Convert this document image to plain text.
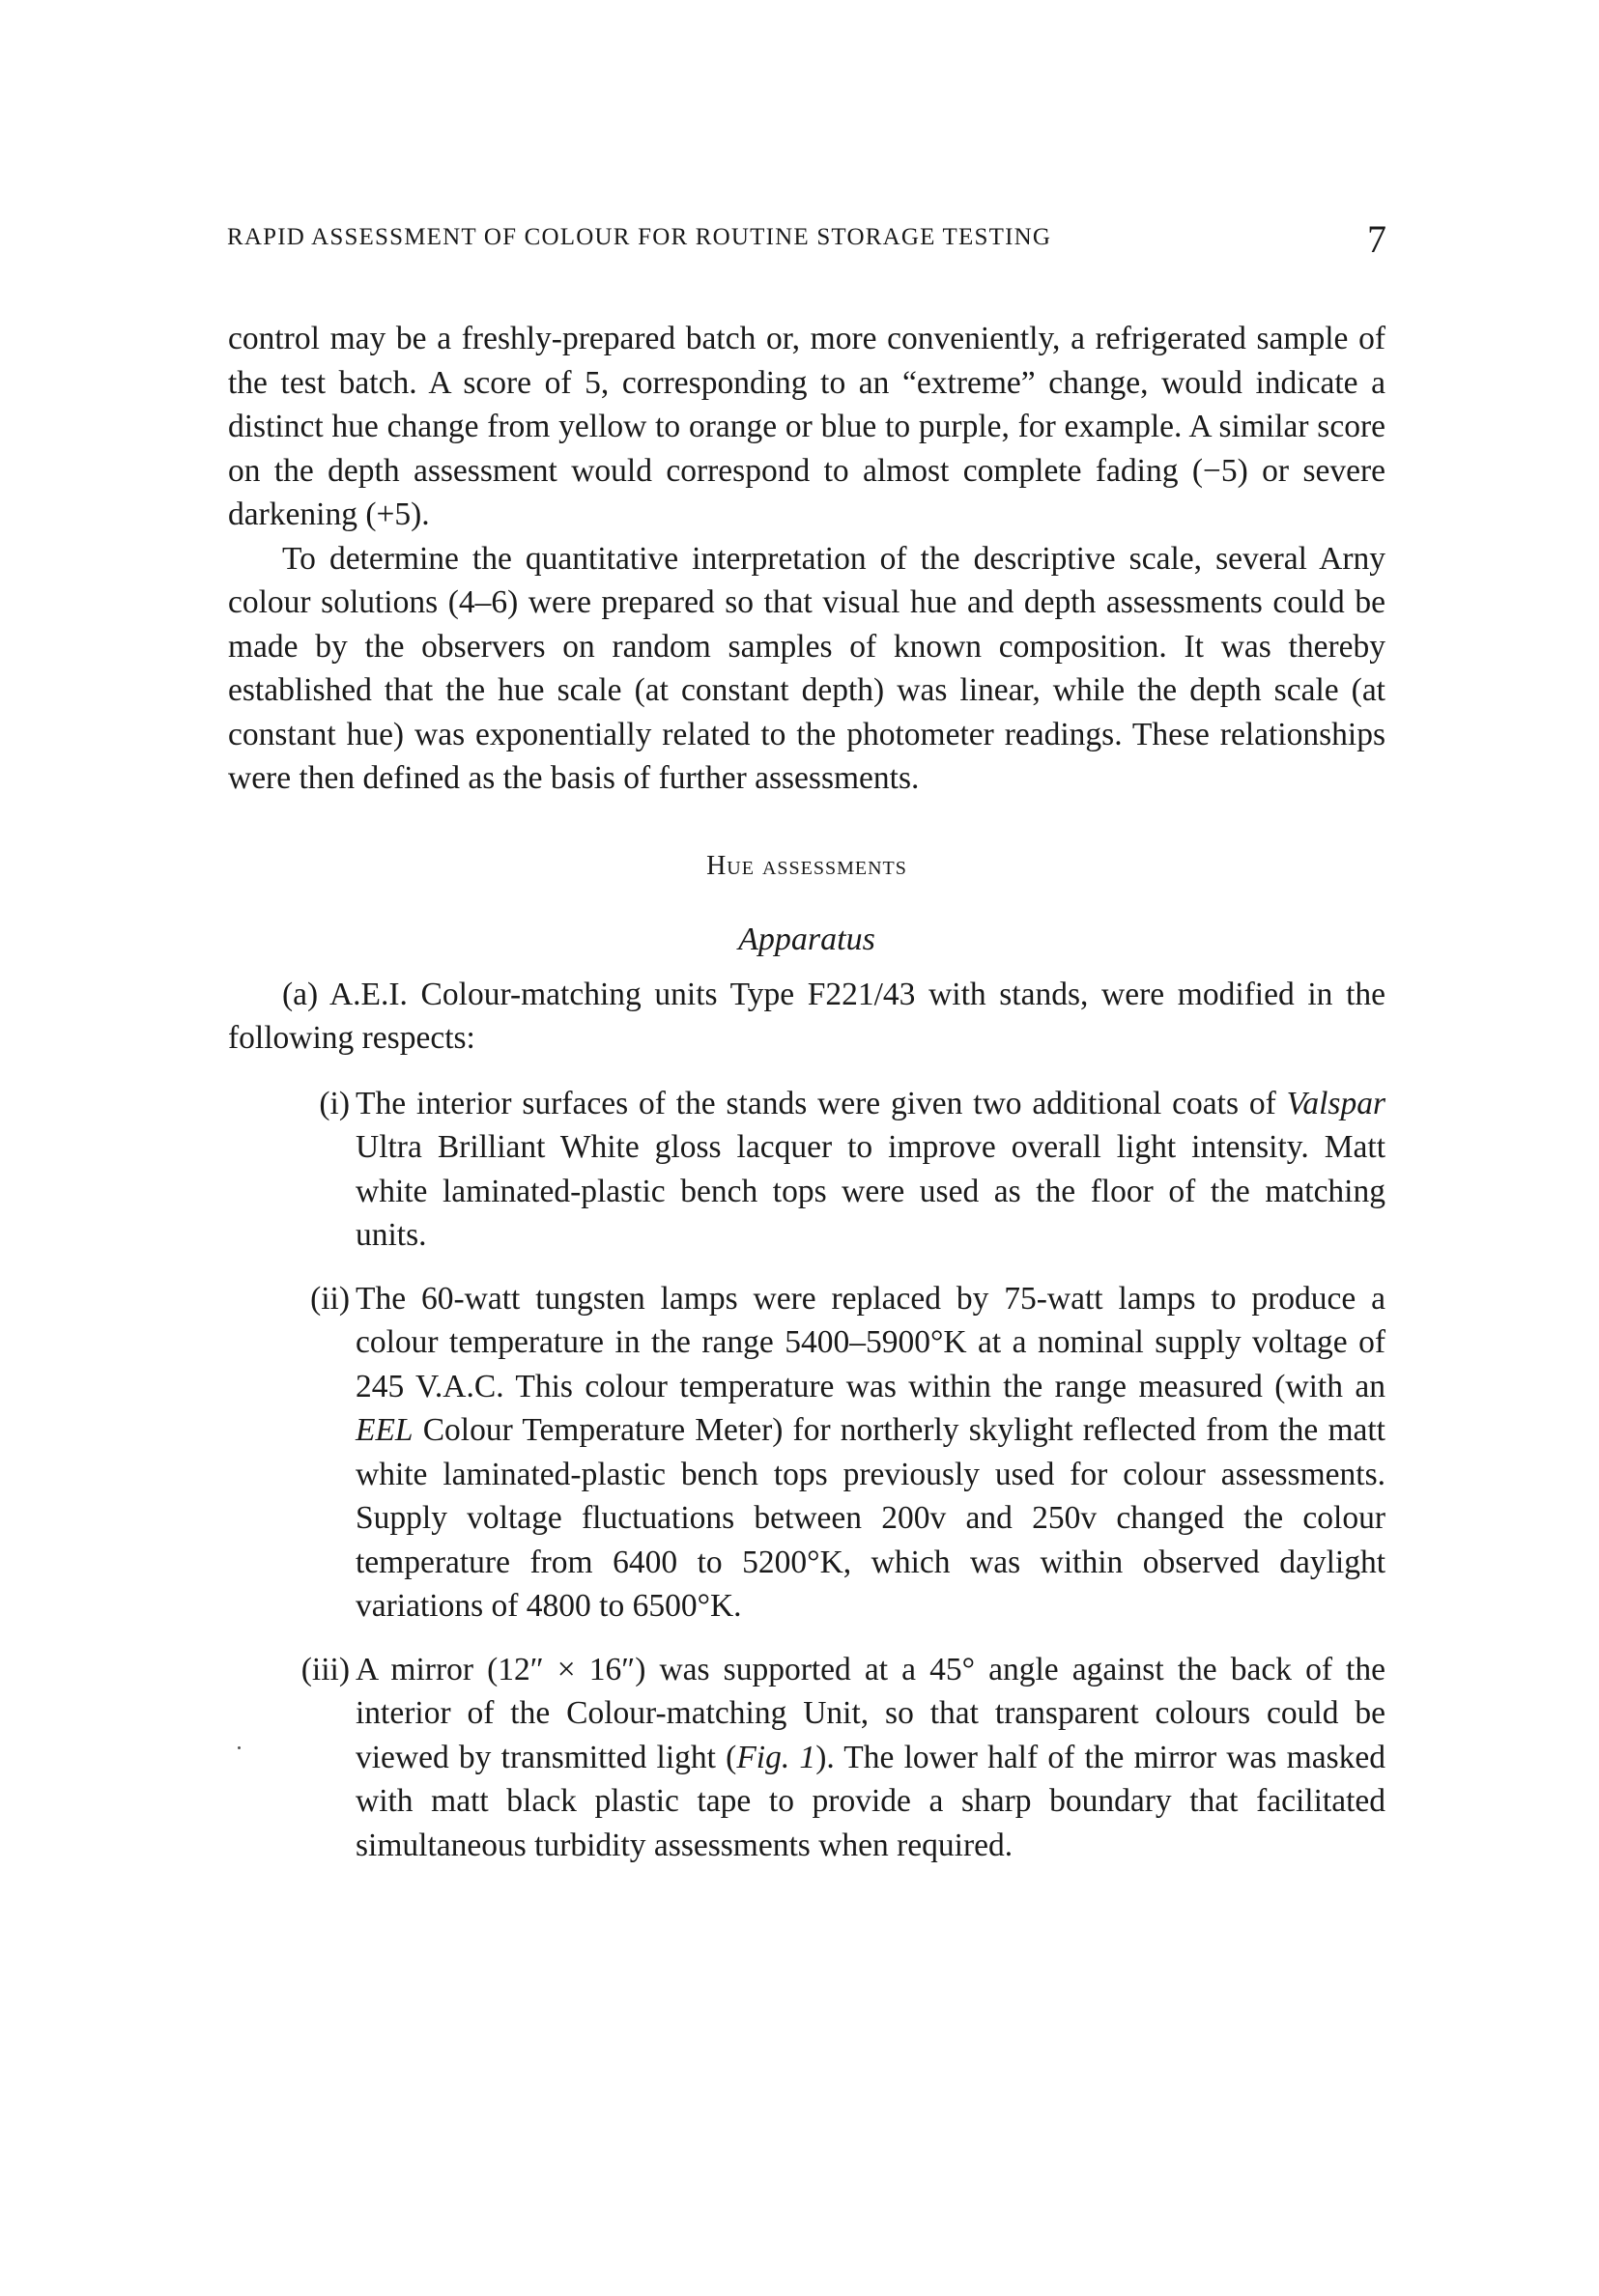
RAPID ASSESSMENT OF COLOUR FOR ROUTINE STORAGE TESTING	7

control may be a freshly-prepared batch or, more conveniently, a refrigerated sample of the test batch. A score of 5, corresponding to an “extreme” change, would indicate a distinct hue change from yellow to orange or blue to purple, for example. A similar score on the depth assessment would correspond to almost complete fading (−5) or severe darkening (+5).

To determine the quantitative interpretation of the descriptive scale, several Arny colour solutions (4–6) were prepared so that visual hue and depth assessments could be made by the observers on random samples of known composition. It was thereby established that the hue scale (at constant depth) was linear, while the depth scale (at constant hue) was exponentially related to the photometer readings. These relationships were then defined as the basis of further assessments.

Hue assessments
Apparatus

(a) A.E.I. Colour-matching units Type F221/43 with stands, were modified in the following respects:

(i) The interior surfaces of the stands were given two additional coats of Valspar Ultra Brilliant White gloss lacquer to improve overall light intensity. Matt white laminated-plastic bench tops were used as the floor of the matching units.
(ii) The 60-watt tungsten lamps were replaced by 75-watt lamps to produce a colour temperature in the range 5400–5900°K at a nominal supply voltage of 245 V.A.C. This colour temperature was within the range measured (with an EEL Colour Temperature Meter) for northerly skylight reflected from the matt white laminated-plastic bench tops previously used for colour assessments. Supply voltage fluctuations between 200v and 250v changed the colour temperature from 6400 to 5200°K, which was within observed daylight variations of 4800 to 6500°K.
(iii) A mirror (12″ × 16″) was supported at a 45° angle against the back of the interior of the Colour-matching Unit, so that transparent colours could be viewed by transmitted light (Fig. 1). The lower half of the mirror was masked with matt black plastic tape to provide a sharp boundary that facilitated simultaneous turbidity assessments when required.
